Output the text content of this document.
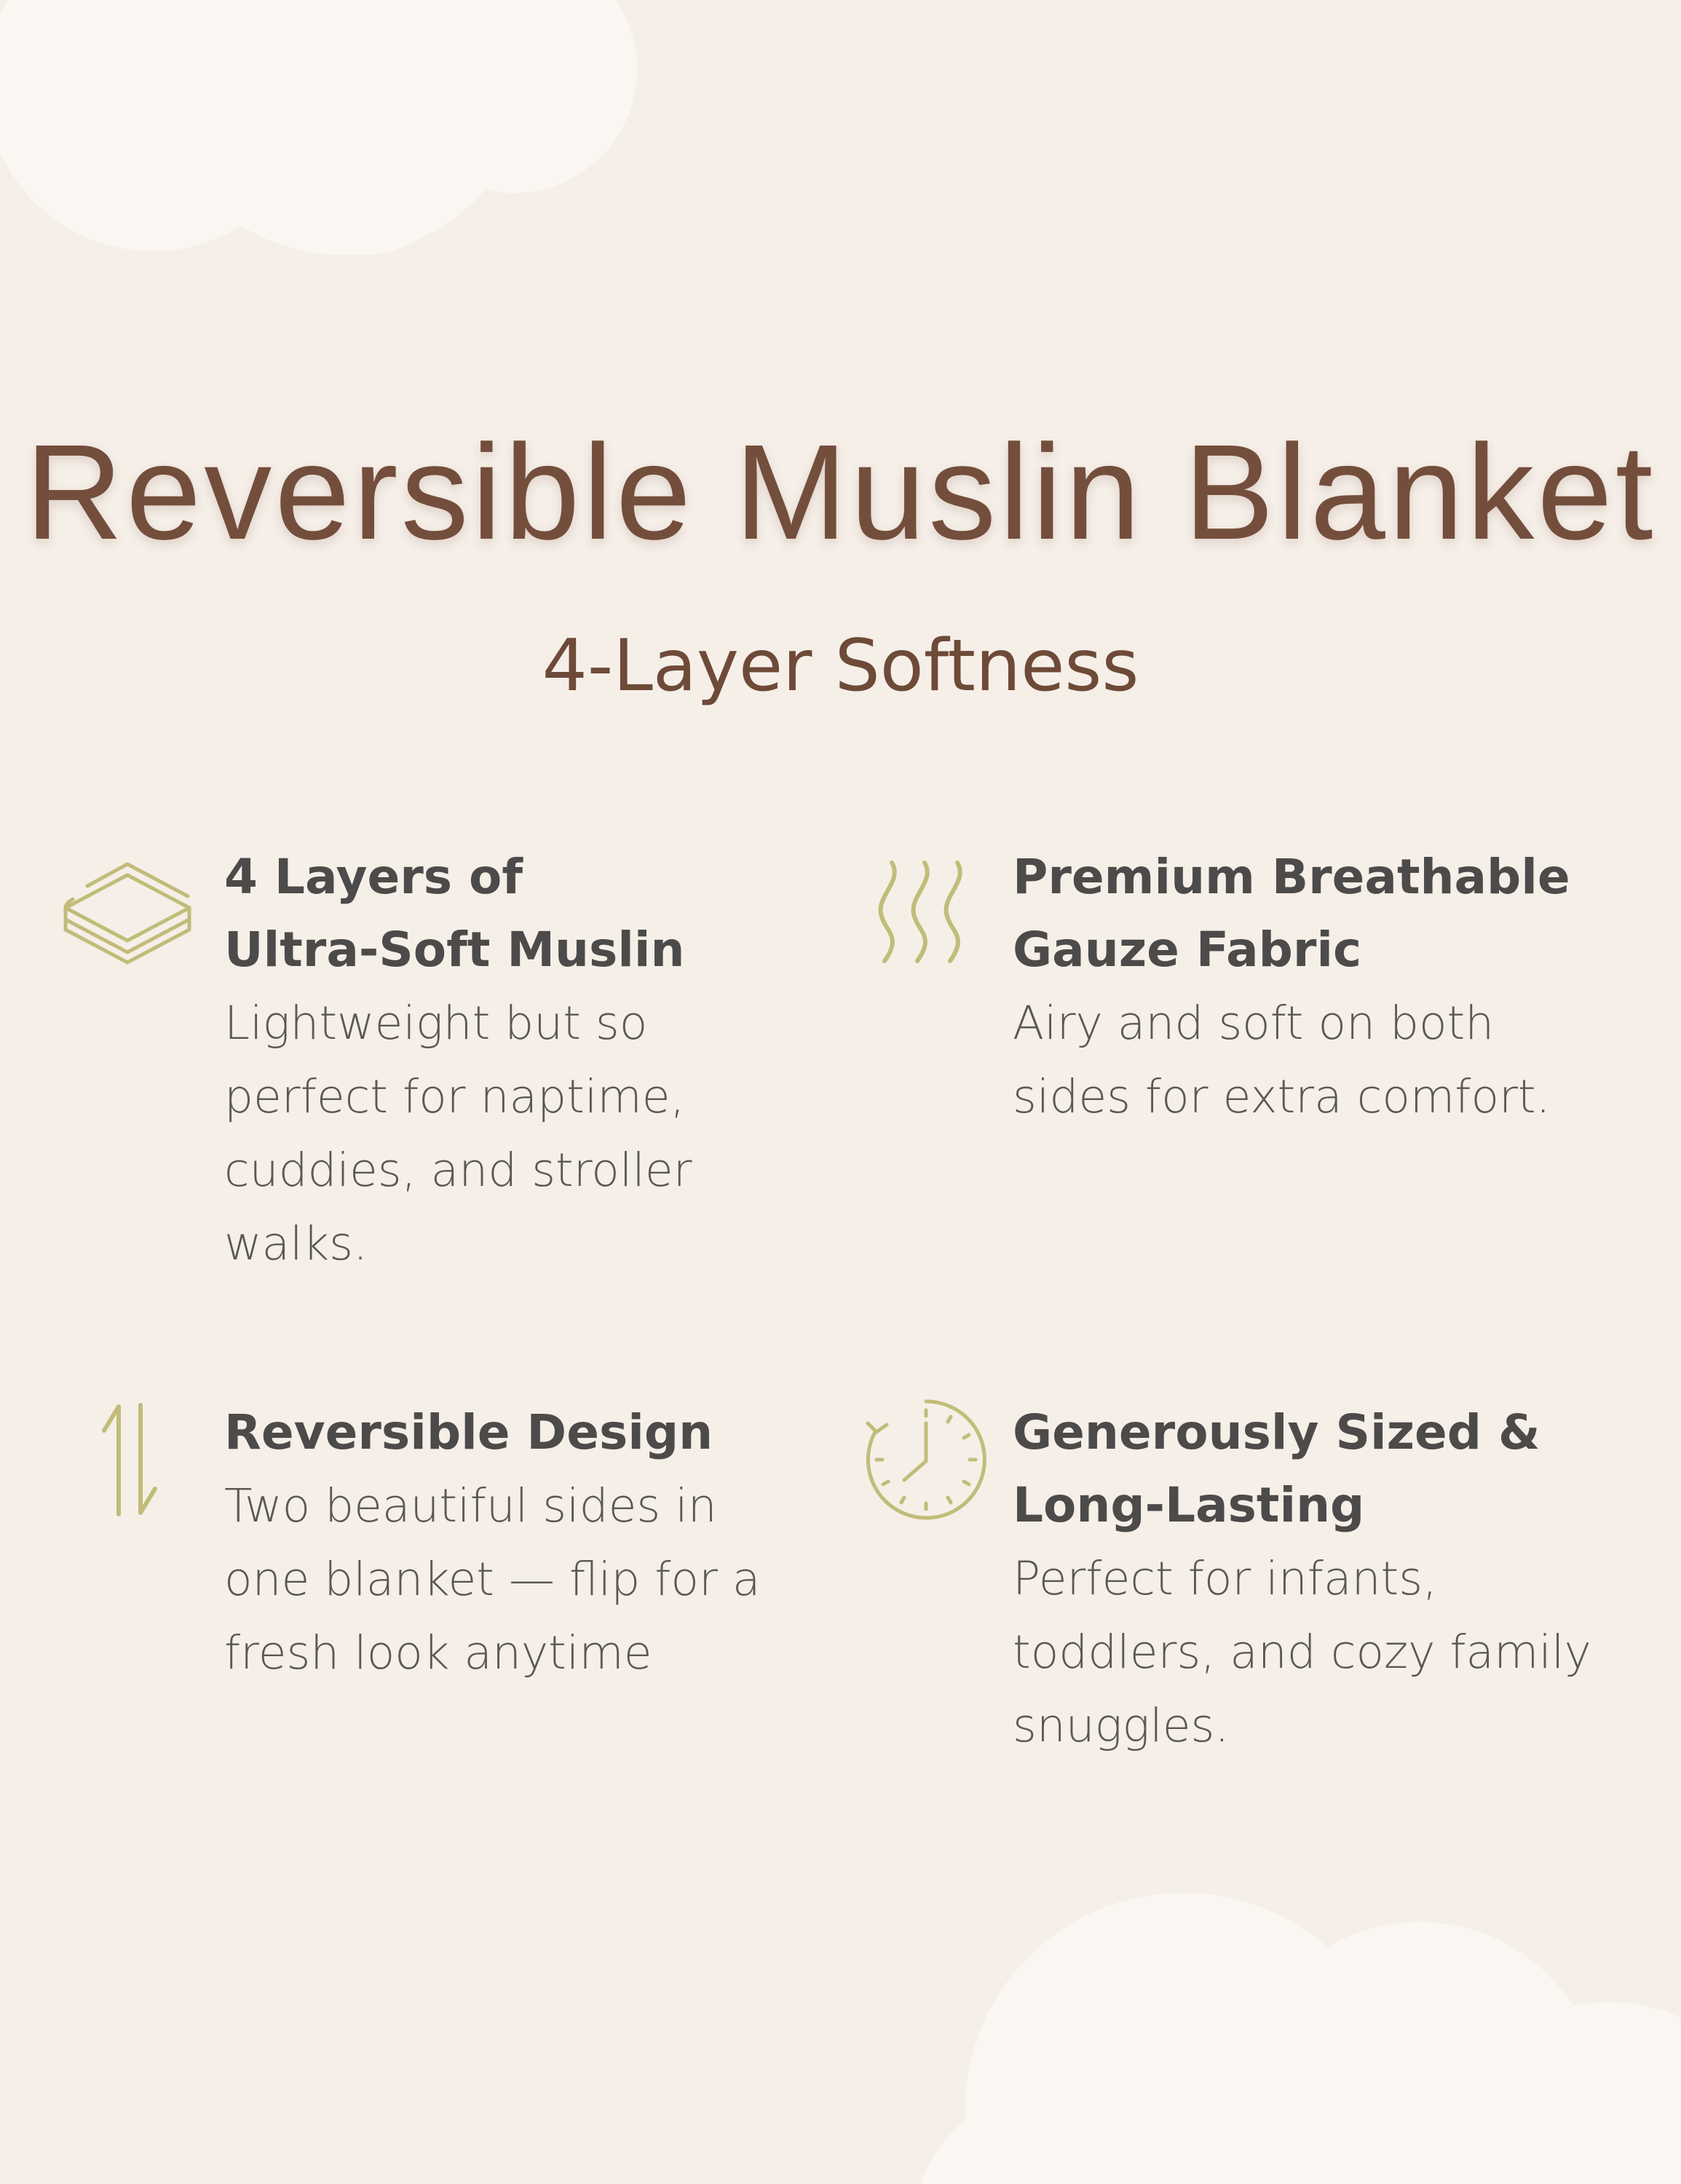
Reversible Muslin Blanket
4-Layer Softness

4 Layers of

Ultra-Soft Muslin

Lightweight but so

perfect for naptime,

cuddies, and stroller

walks.

Premium Breathable

Gauze Fabric

Airy and soft on both

sides for extra comfort.

Reversible Design

Two beautiful sides in

one blanket — flip for a

fresh look anytime

Generously Sized &

Long-Lasting

Perfect for infants,

toddlers, and cozy family

snuggles.
